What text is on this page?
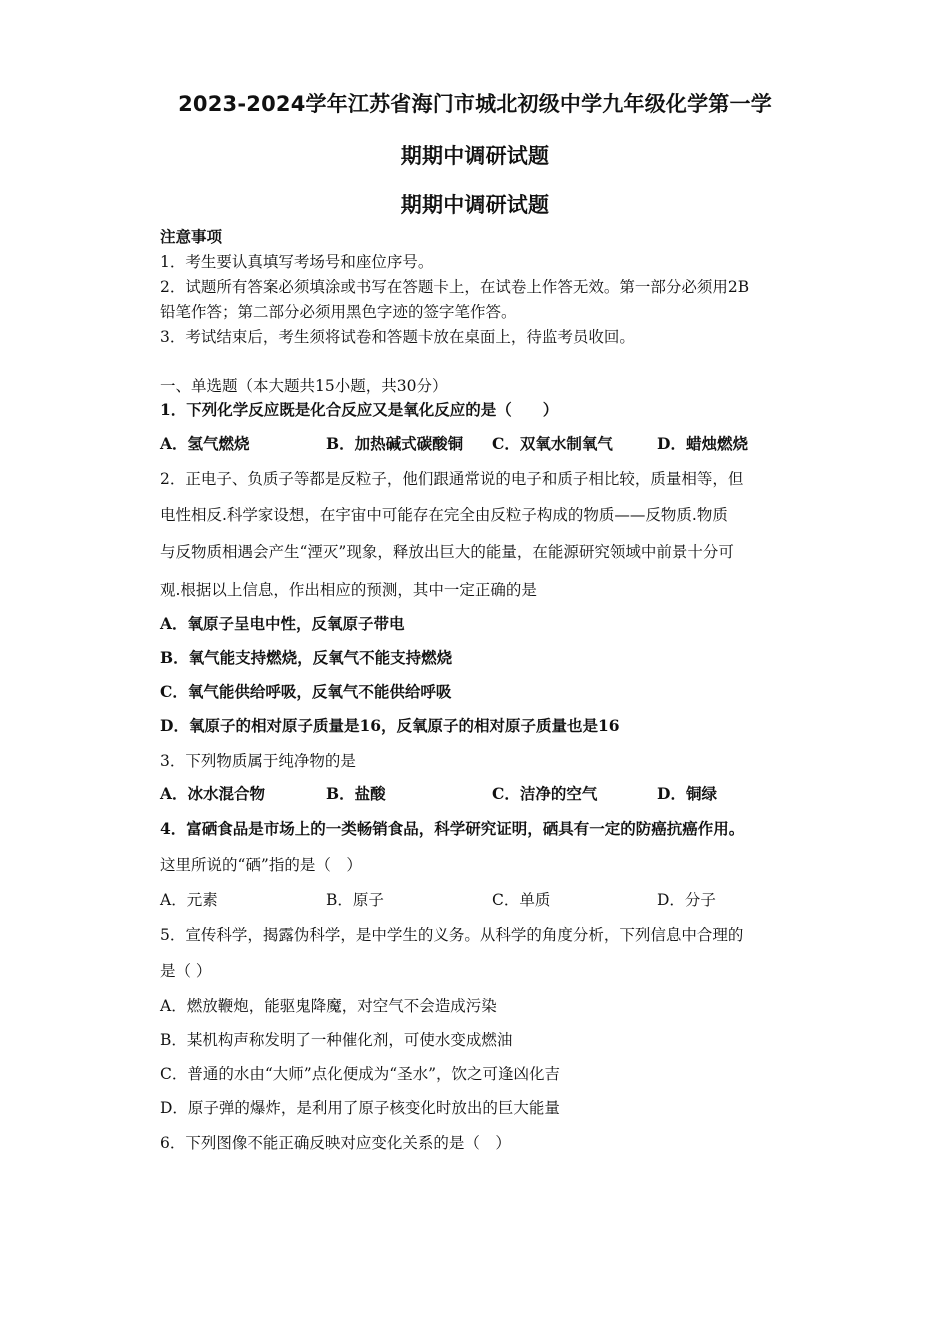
2023-2024学年江苏省海门市城北初级中学九年级化学第一学
期期中调研试题
期期中调研试题
注意事项
1．考生要认真填写考场号和座位序号。
2．试题所有答案必须填涂或书写在答题卡上，在试卷上作答无效。第一部分必须用2B
铅笔作答；第二部分必须用黑色字迹的签字笔作答。
3．考试结束后，考生须将试卷和答题卡放在桌面上，待监考员收回。
一、单选题（本大题共15小题，共30分）
1．下列化学反应既是化合反应又是氧化反应的是（　　）
A．氢气燃烧	B．加热碱式碳酸铜 C．双氧水制氧气	D．蜡烛燃烧
2．正电子、负质子等都是反粒子，他们跟通常说的电子和质子相比较，质量相等，但
电性相反.科学家设想，在宇宙中可能存在完全由反粒子构成的物质——反物质.物质
与反物质相遇会产生“湮灭”现象，释放出巨大的能量，在能源研究领域中前景十分可
观.根据以上信息，作出相应的预测，其中一定正确的是
A．氧原子呈电中性，反氧原子带电
B．氧气能支持燃烧，反氧气不能支持燃烧
C．氧气能供给呼吸，反氧气不能供给呼吸
D．氧原子的相对原子质量是16，反氧原子的相对原子质量也是16
3．下列物质属于纯净物的是
A．冰水混合物	B．盐酸	C．洁净的空气	D．铜绿
4．富硒食品是市场上的一类畅销食品，科学研究证明，硒具有一定的防癌抗癌作用。
这里所说的“硒”指的是（　）
A．元素	B．原子	C．单质	D．分子
5．宣传科学，揭露伪科学，是中学生的义务。从科学的角度分析，下列信息中合理的
是（ ）
A．燃放鞭炮，能驱鬼降魔，对空气不会造成污染
B．某机构声称发明了一种催化剂，可使水变成燃油
C．普通的水由“大师”点化便成为“圣水”，饮之可逢凶化吉
D．原子弹的爆炸，是利用了原子核变化时放出的巨大能量
6．下列图像不能正确反映对应变化关系的是（　）
